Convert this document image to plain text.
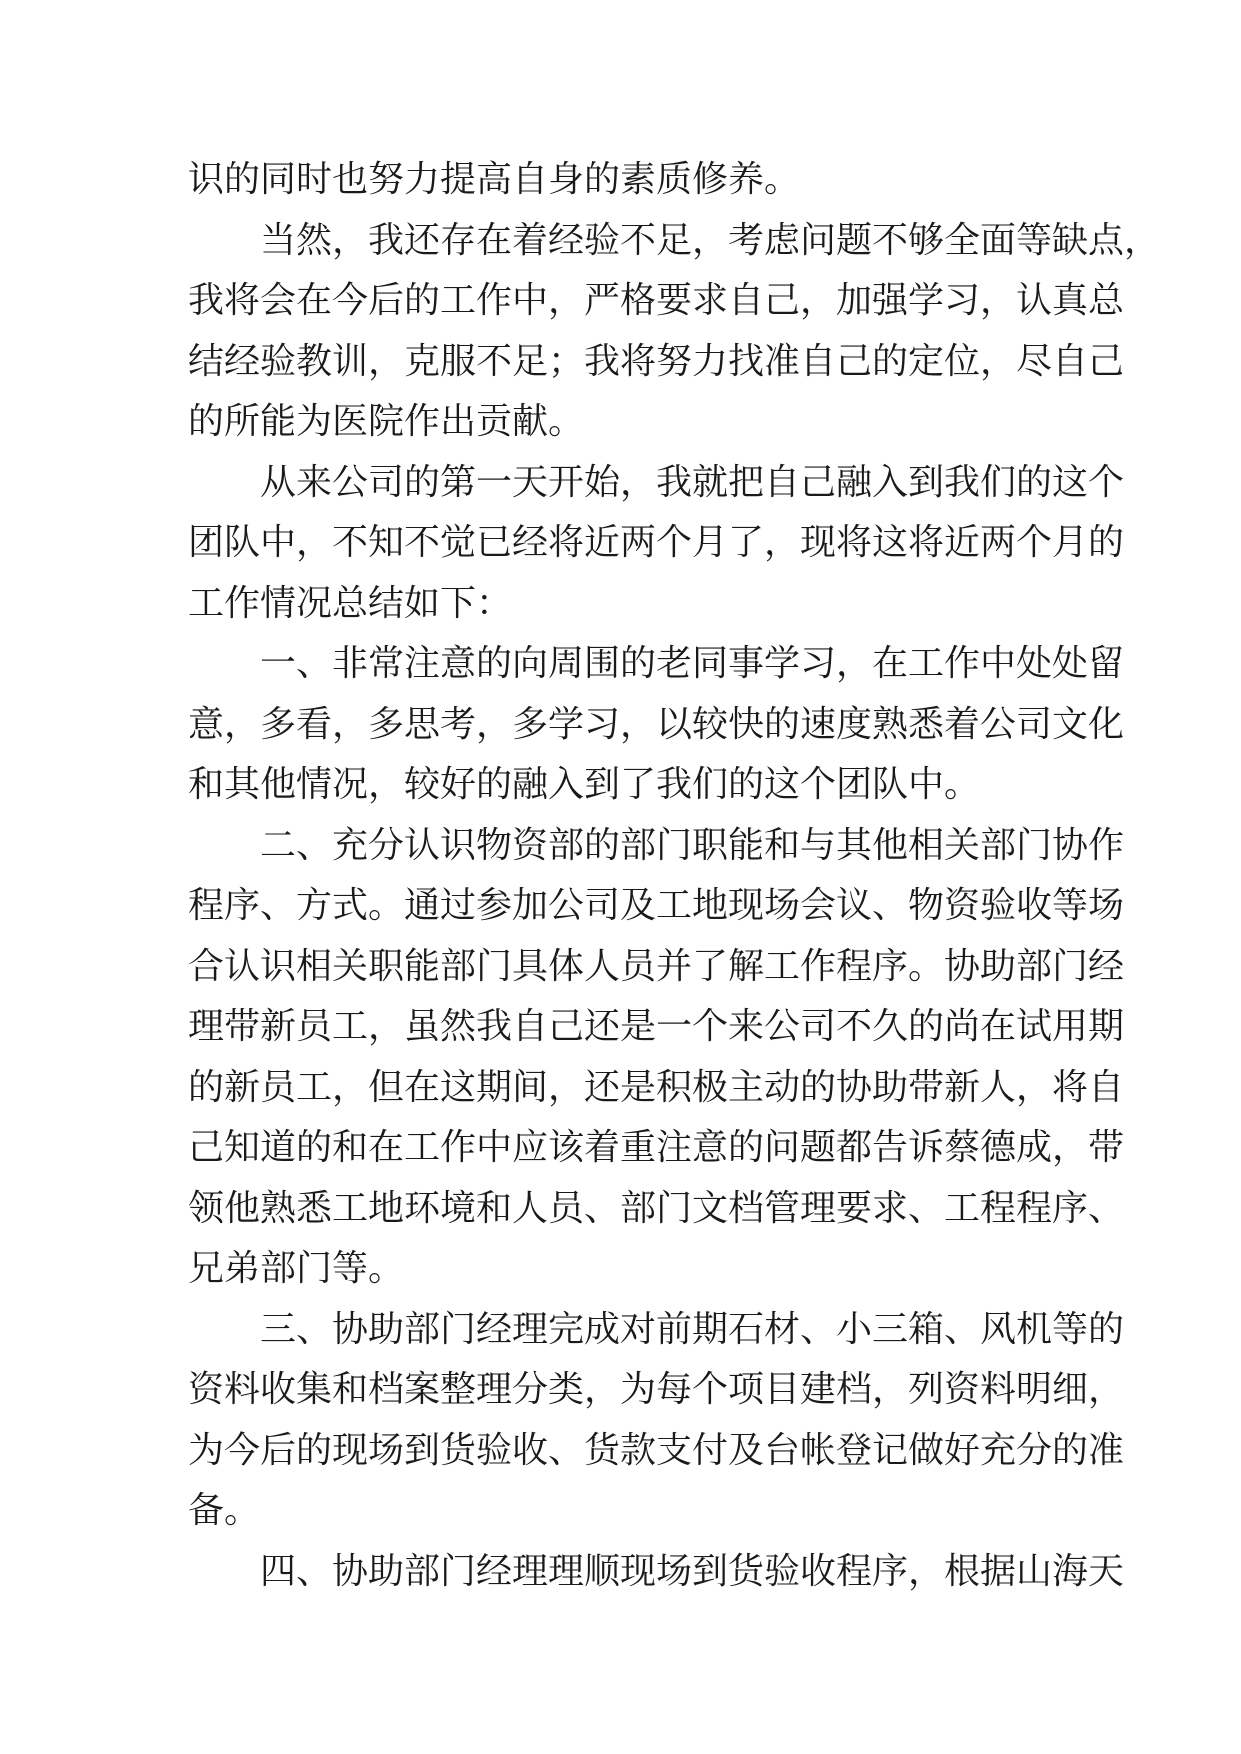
识的同时也努力提高自身的素质修养。
当然，我还存在着经验不足，考虑问题不够全面等缺点，
我将会在今后的工作中，严格要求自己，加强学习，认真总
结经验教训，克服不足；我将努力找准自己的定位，尽自己
的所能为医院作出贡献。
从来公司的第一天开始，我就把自己融入到我们的这个
团队中，不知不觉已经将近两个月了，现将这将近两个月的
工作情况总结如下：
一、非常注意的向周围的老同事学习，在工作中处处留
意，多看，多思考，多学习，以较快的速度熟悉着公司文化
和其他情况，较好的融入到了我们的这个团队中。
二、充分认识物资部的部门职能和与其他相关部门协作
程序、方式。通过参加公司及工地现场会议、物资验收等场
合认识相关职能部门具体人员并了解工作程序。协助部门经
理带新员工，虽然我自己还是一个来公司不久的尚在试用期
的新员工，但在这期间，还是积极主动的协助带新人，将自
己知道的和在工作中应该着重注意的问题都告诉蔡德成，带
领他熟悉工地环境和人员、部门文档管理要求、工程程序、
兄弟部门等。
三、协助部门经理完成对前期石材、小三箱、风机等的
资料收集和档案整理分类，为每个项目建档，列资料明细，
为今后的现场到货验收、货款支付及台帐登记做好充分的准
备。
四、协助部门经理理顺现场到货验收程序，根据山海天
